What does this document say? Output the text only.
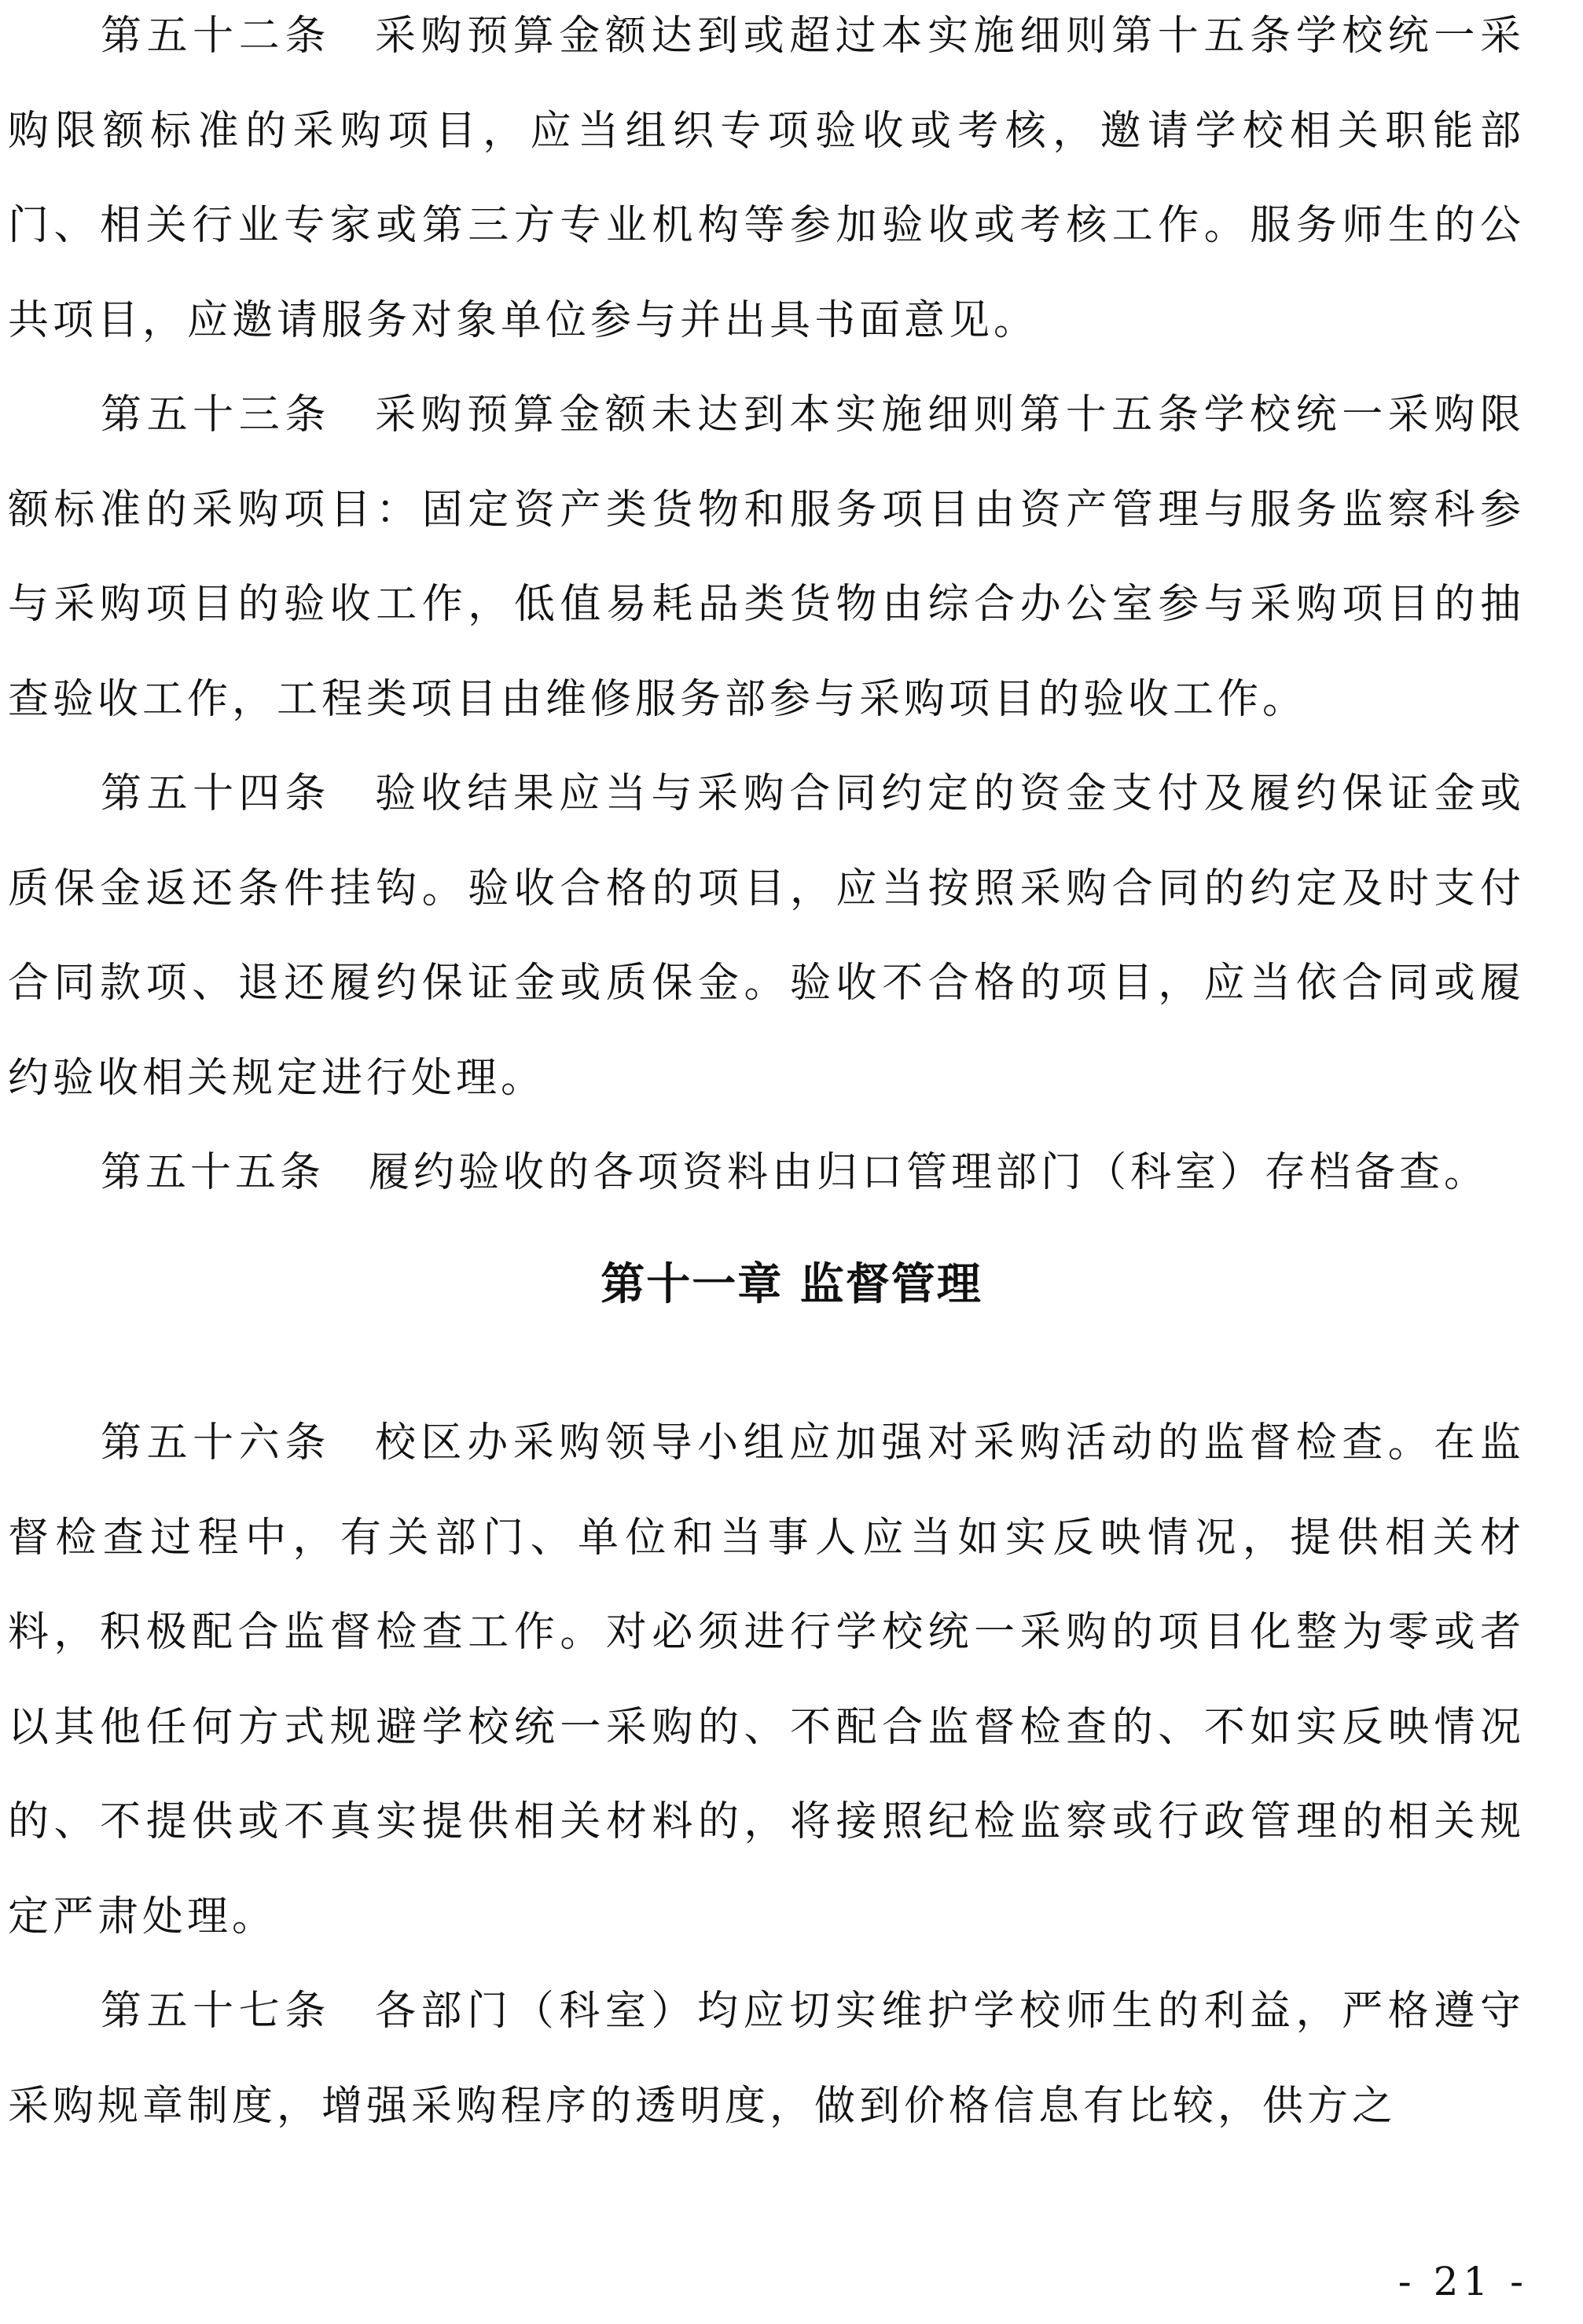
第五十二条 采购预算金额达到或超过本实施细则第十五条学校统一采购限额标准的采购项目，应当组织专项验收或考核，邀请学校相关职能部门、相关行业专家或第三方专业机构等参加验收或考核工作。服务师生的公共项目，应邀请服务对象单位参与并出具书面意见。

第五十三条 采购预算金额未达到本实施细则第十五条学校统一采购限额标准的采购项目：固定资产类货物和服务项目由资产管理与服务监察科参与采购项目的验收工作，低值易耗品类货物由综合办公室参与采购项目的抽查验收工作，工程类项目由维修服务部参与采购项目的验收工作。

第五十四条 验收结果应当与采购合同约定的资金支付及履约保证金或质保金返还条件挂钩。验收合格的项目，应当按照采购合同的约定及时支付合同款项、退还履约保证金或质保金。验收不合格的项目，应当依合同或履约验收相关规定进行处理。

第五十五条 履约验收的各项资料由归口管理部门（科室）存档备查。

第十一章 监督管理

第五十六条 校区办采购领导小组应加强对采购活动的监督检查。在监督检查过程中，有关部门、单位和当事人应当如实反映情况，提供相关材料，积极配合监督检查工作。对必须进行学校统一采购的项目化整为零或者以其他任何方式规避学校统一采购的、不配合监督检查的、不如实反映情况的、不提供或不真实提供相关材料的，将接照纪检监察或行政管理的相关规定严肃处理。

第五十七条 各部门（科室）均应切实维护学校师生的利益，严格遵守采购规章制度，增强采购程序的透明度，做到价格信息有比较，供方之

- 21 -
